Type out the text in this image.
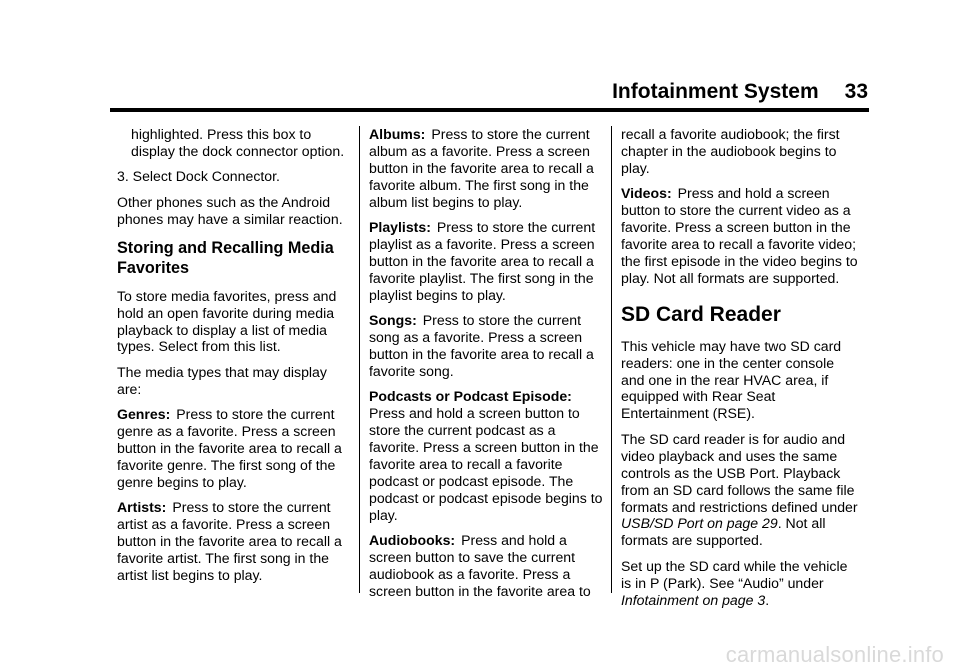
Infotainment System 33

highlighted. Press this box to display the dock connector option.

3. Select Dock Connector.

Other phones such as the Android phones may have a similar reaction.

Storing and Recalling Media Favorites

To store media favorites, press and hold an open favorite during media playback to display a list of media types. Select from this list.

The media types that may display are:

Genres: Press to store the current genre as a favorite. Press a screen button in the favorite area to recall a favorite genre. The first song of the genre begins to play.

Artists: Press to store the current artist as a favorite. Press a screen button in the favorite area to recall a favorite artist. The first song in the artist list begins to play.

Albums: Press to store the current album as a favorite. Press a screen button in the favorite area to recall a favorite album. The first song in the album list begins to play.

Playlists: Press to store the current playlist as a favorite. Press a screen button in the favorite area to recall a favorite playlist. The first song in the playlist begins to play.

Songs: Press to store the current song as a favorite. Press a screen button in the favorite area to recall a favorite song.

Podcasts or Podcast Episode:
Press and hold a screen button to store the current podcast as a favorite. Press a screen button in the favorite area to recall a favorite podcast or podcast episode. The podcast or podcast episode begins to play.

Audiobooks: Press and hold a screen button to save the current audiobook as a favorite. Press a screen button in the favorite area to

recall a favorite audiobook; the first chapter in the audiobook begins to play.

Videos: Press and hold a screen button to store the current video as a favorite. Press a screen button in the favorite area to recall a favorite video; the first episode in the video begins to play. Not all formats are supported.

SD Card Reader

This vehicle may have two SD card readers: one in the center console and one in the rear HVAC area, if equipped with Rear Seat Entertainment (RSE).

The SD card reader is for audio and video playback and uses the same controls as the USB Port. Playback from an SD card follows the same file formats and restrictions defined under USB/SD Port on page 29. Not all formats are supported.

Set up the SD card while the vehicle is in P (Park). See “Audio” under Infotainment on page 3.

carmanualsonline.info
